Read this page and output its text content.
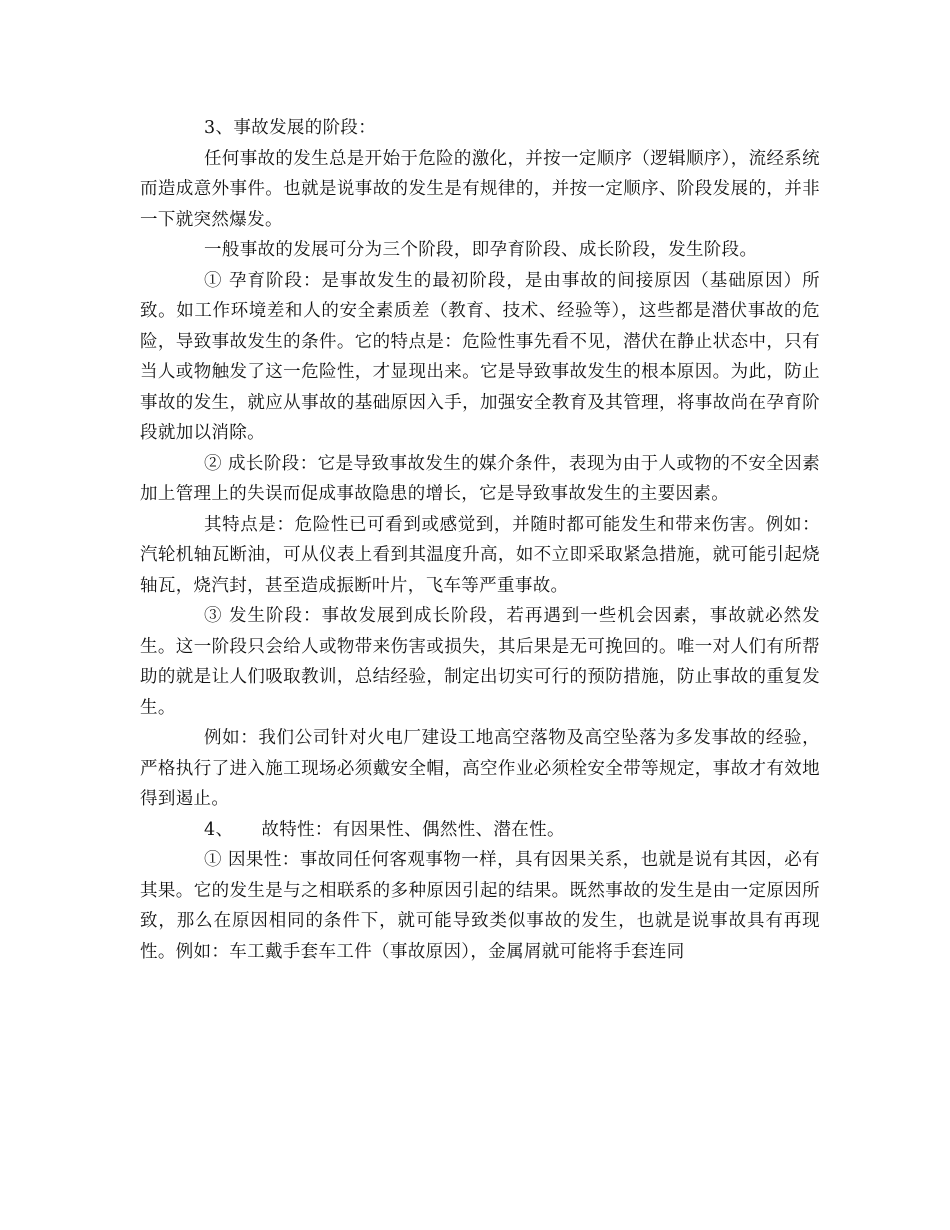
3、事故发展的阶段：

任何事故的发生总是开始于危险的激化，并按一定顺序（逻辑顺序），流经系统而造成意外事件。也就是说事故的发生是有规律的，并按一定顺序、阶段发展的，并非一下就突然爆发。

一般事故的发展可分为三个阶段，即孕育阶段、成长阶段，发生阶段。

① 孕育阶段：是事故发生的最初阶段，是由事故的间接原因（基础原因）所致。如工作环境差和人的安全素质差（教育、技术、经验等），这些都是潜伏事故的危险，导致事故发生的条件。它的特点是：危险性事先看不见，潜伏在静止状态中，只有当人或物触发了这一危险性，才显现出来。它是导致事故发生的根本原因。为此，防止事故的发生，就应从事故的基础原因入手，加强安全教育及其管理，将事故尚在孕育阶段就加以消除。

② 成长阶段：它是导致事故发生的媒介条件，表现为由于人或物的不安全因素加上管理上的失误而促成事故隐患的增长，它是导致事故发生的主要因素。

其特点是：危险性已可看到或感觉到，并随时都可能发生和带来伤害。例如：汽轮机轴瓦断油，可从仪表上看到其温度升高，如不立即采取紧急措施，就可能引起烧轴瓦，烧汽封，甚至造成振断叶片，飞车等严重事故。

③ 发生阶段：事故发展到成长阶段，若再遇到一些机会因素，事故就必然发生。这一阶段只会给人或物带来伤害或损失，其后果是无可挽回的。唯一对人们有所帮助的就是让人们吸取教训，总结经验，制定出切实可行的预防措施，防止事故的重复发生。

例如：我们公司针对火电厂建设工地高空落物及高空坠落为多发事故的经验，严格执行了进入施工现场必须戴安全帽，高空作业必须栓安全带等规定，事故才有效地得到遏止。

4、 故特性：有因果性、偶然性、潜在性。

① 因果性：事故同任何客观事物一样，具有因果关系，也就是说有其因，必有其果。它的发生是与之相联系的多种原因引起的结果。既然事故的发生是由一定原因所致，那么在原因相同的条件下，就可能导致类似事故的发生，也就是说事故具有再现性。例如：车工戴手套车工件（事故原因），金属屑就可能将手套连同
